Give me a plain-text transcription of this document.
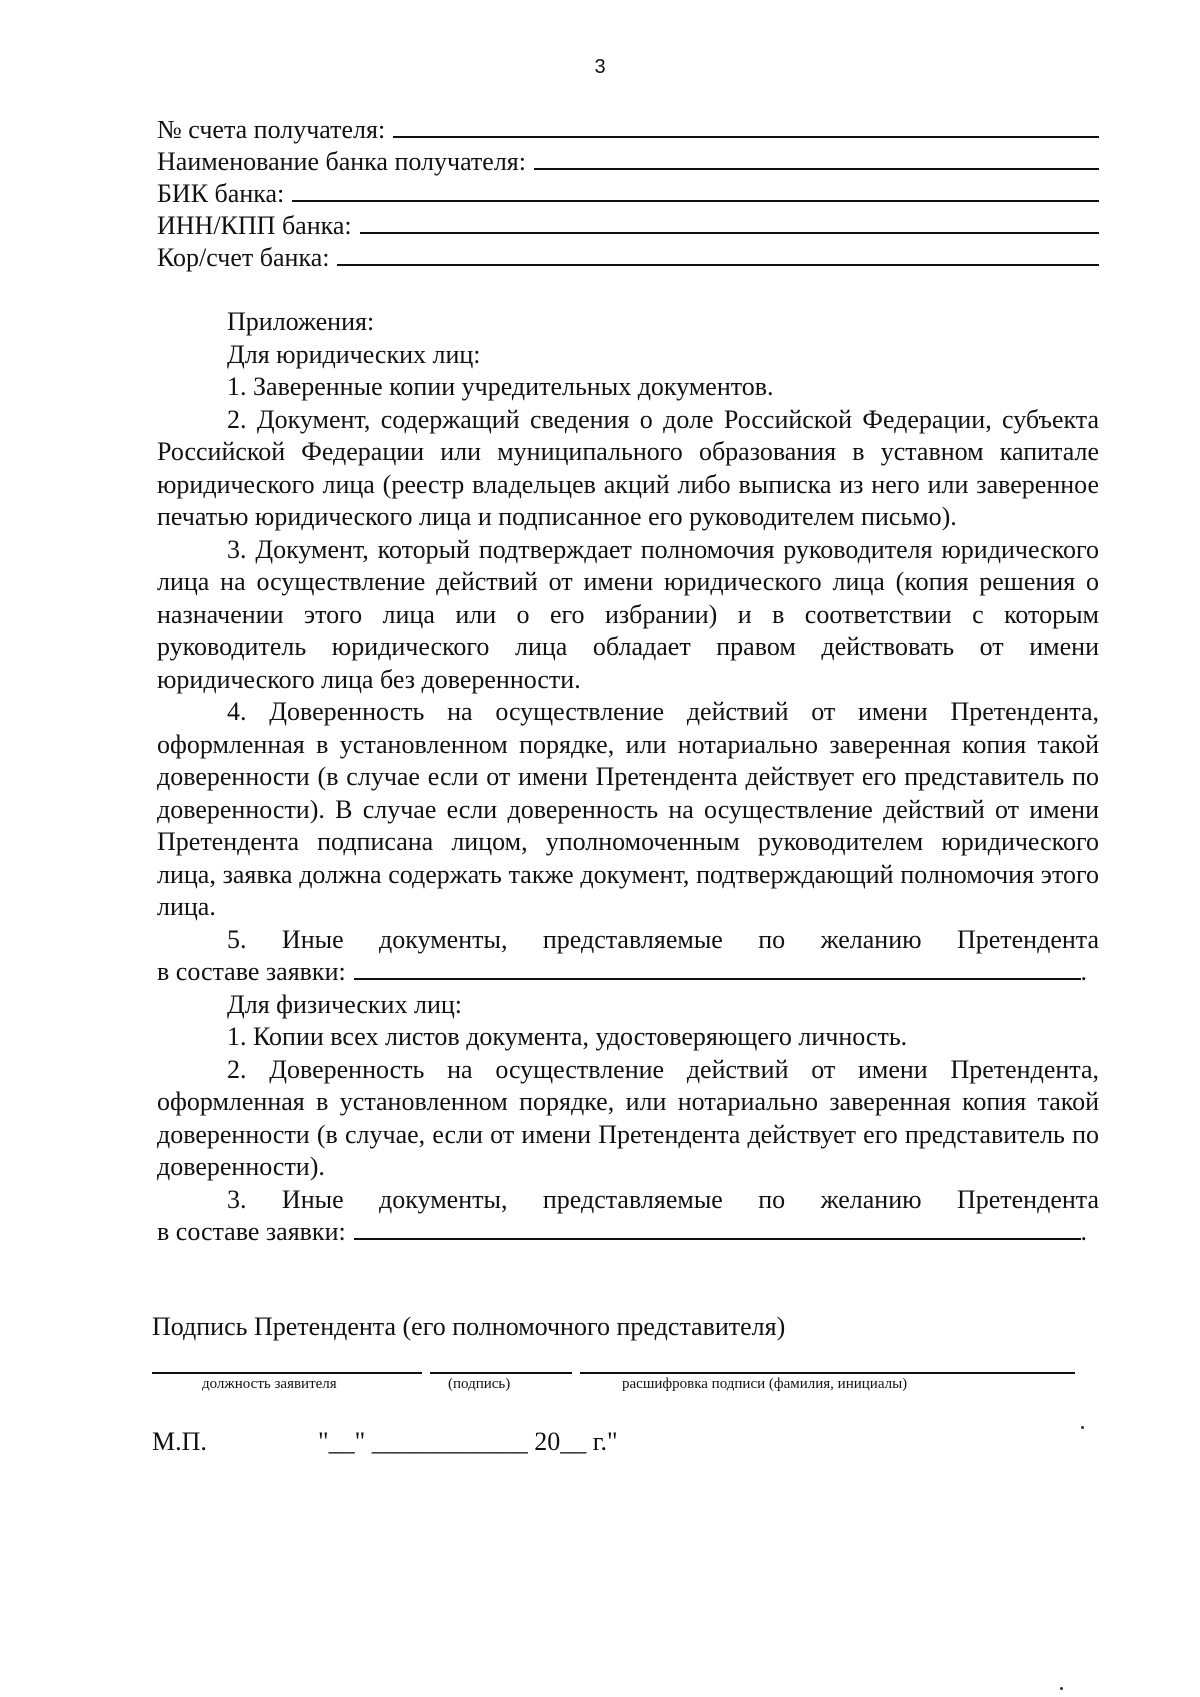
3
№ счета получателя:
Наименование банка получателя:
БИК банка:
ИНН/КПП банка:
Кор/счет банка:
Приложения:
Для юридических лиц:
1. Заверенные копии учредительных документов.
2. Документ, содержащий сведения о доле Российской Федерации, субъекта Российской Федерации или муниципального образования в уставном капитале юридического лица (реестр владельцев акций либо выписка из него или заверенное печатью юридического лица и подписанное его руководителем письмо).
3. Документ, который подтверждает полномочия руководителя юридического лица на осуществление действий от имени юридического лица (копия решения о назначении этого лица или о его избрании) и в соответствии с которым руководитель юридического лица обладает правом действовать от имени юридического лица без доверенности.
4. Доверенность на осуществление действий от имени Претендента, оформленная в установленном порядке, или нотариально заверенная копия такой доверенности (в случае если от имени Претендента действует его представитель по доверенности). В случае если доверенность на осуществление действий от имени Претендента подписана лицом, уполномоченным руководителем юридического лица, заявка должна содержать также документ, подтверждающий полномочия этого лица.
5. Иные документы, представляемые по желанию Претендента
в составе заявки:	.
Для физических лиц:
1. Копии всех листов документа, удостоверяющего личность.
2. Доверенность на осуществление действий от имени Претендента, оформленная в установленном порядке, или нотариально заверенная копия такой доверенности (в случае, если от имени Претендента действует его представитель по доверенности).
3. Иные документы, представляемые по желанию Претендента
в составе заявки:	.
Подпись Претендента (его полномочного представителя)
должность заявителя	(подпись)	расшифровка подписи (фамилия, инициалы)
М.П.	"__" ____________ 20__ г."
